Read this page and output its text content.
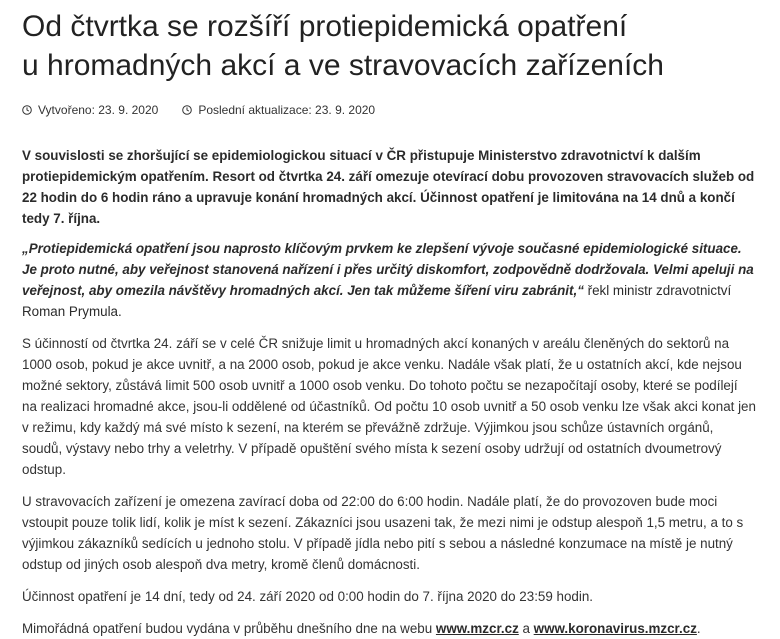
Od čtvrtka se rozšíří protiepidemická opatření
u hromadných akcí a ve stravovacích zařízeních
Vytvořeno: 23. 9. 2020	Poslední aktualizace: 23. 9. 2020

V souvislosti se zhoršující se epidemiologickou situací v ČR přistupuje Ministerstvo zdravotnictví k dalším protiepidemickým opatřením. Resort od čtvrtka 24. září omezuje otevírací dobu provozoven stravovacích služeb od 22 hodin do 6 hodin ráno a upravuje konání hromadných akcí. Účinnost opatření je limitována na 14 dnů a končí tedy 7. října.

„Protiepidemická opatření jsou naprosto klíčovým prvkem ke zlepšení vývoje současné epidemiologické situace. Je proto nutné, aby veřejnost stanovená nařízení i přes určitý diskomfort, zodpovědně dodržovala. Velmi apeluji na veřejnost, aby omezila návštěvy hromadných akcí. Jen tak můžeme šíření viru zabránit,“ řekl ministr zdravotnictví Roman Prymula.

S účinností od čtvrtka 24. září se v celé ČR snižuje limit u hromadných akcí konaných v areálu členěných do sektorů na 1000 osob, pokud je akce uvnitř, a na 2000 osob, pokud je akce venku. Nadále však platí, že u ostatních akcí, kde nejsou možné sektory, zůstává limit 500 osob uvnitř a 1000 osob venku. Do tohoto počtu se nezapočítají osoby, které se podílejí na realizaci hromadné akce, jsou-li oddělené od účastníků. Od počtu 10 osob uvnitř a 50 osob venku lze však akci konat jen v režimu, kdy každý má své místo k sezení, na kterém se převážně zdržuje. Výjimkou jsou schůze ústavních orgánů, soudů, výstavy nebo trhy a veletrhy. V případě opuštění svého místa k sezení osoby udržují od ostatních dvoumetrový odstup.

U stravovacích zařízení je omezena zavírací doba od 22:00 do 6:00 hodin. Nadále platí, že do provozoven bude moci vstoupit pouze tolik lidí, kolik je míst k sezení. Zákazníci jsou usazeni tak, že mezi nimi je odstup alespoň 1,5 metru, a to s výjimkou zákazníků sedících u jednoho stolu. V případě jídla nebo pití s sebou a následné konzumace na místě je nutný odstup od jiných osob alespoň dva metry, kromě členů domácnosti.

Účinnost opatření je 14 dní, tedy od 24. září 2020 od 0:00 hodin do 7. října 2020 do 23:59 hodin.

Mimořádná opatření budou vydána v průběhu dnešního dne na webu www.mzcr.cz a www.koronavirus.mzcr.cz.
